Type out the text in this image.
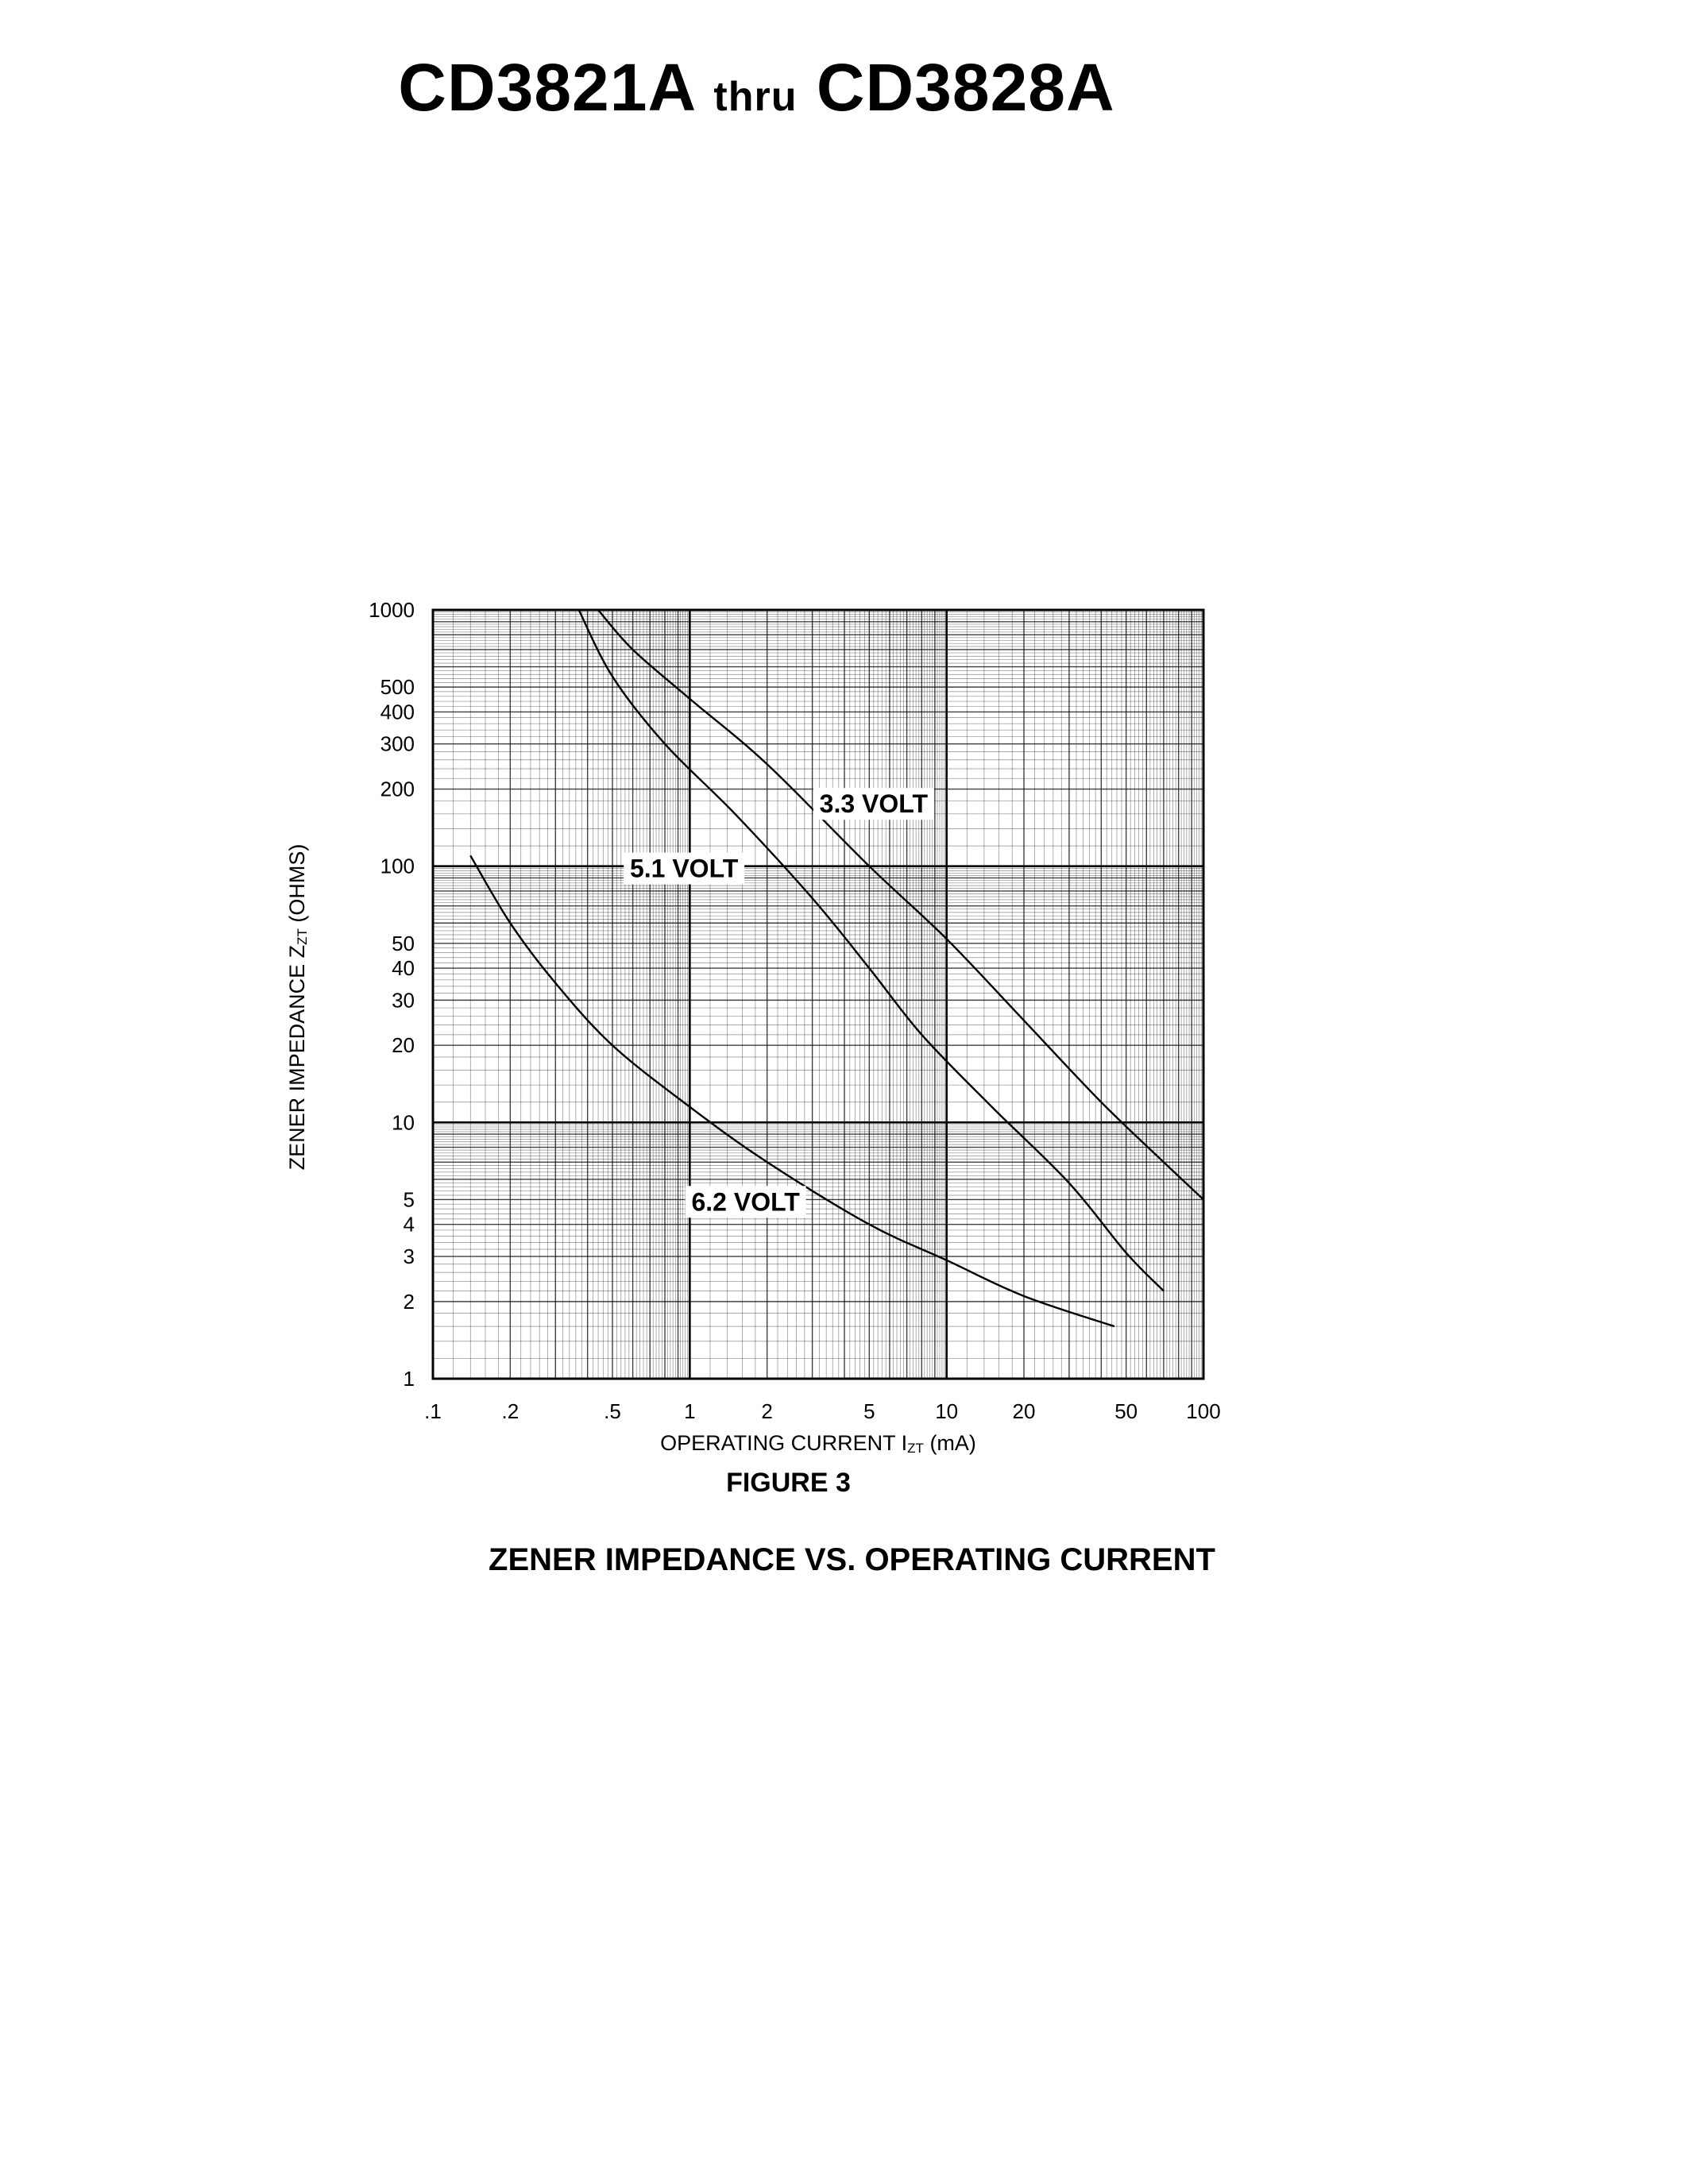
CD3821A thru CD3828A
3.3 VOLT
5.1 VOLT
6.2 VOLT
.1	.2	.5	1	2	5	10	20	50 100
1
2
3
4
5
10
20
30
40
50
100
200
300
400
500
1000
OPERATING CURRENT IZT (mA)
ZENER IMPEDANCE ZZT (OHMS)
FIGURE 3
ZENER IMPEDANCE VS. OPERATING CURRENT
